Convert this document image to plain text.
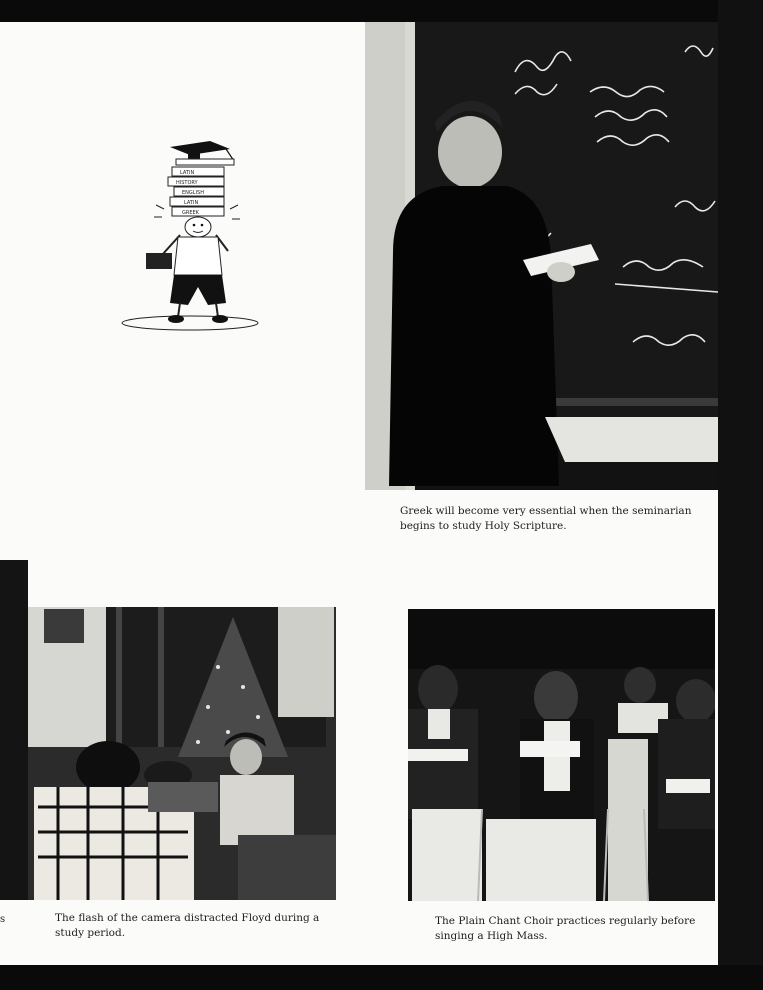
LATIN
HISTORY
ENGLISH
LATIN
GREEK
Greek will become very essential when the seminarian begins to study Holy Scripture.
s	The flash of the camera distracted Floyd during a study period.
The Plain Chant Choir practices regularly before singing a High Mass.
